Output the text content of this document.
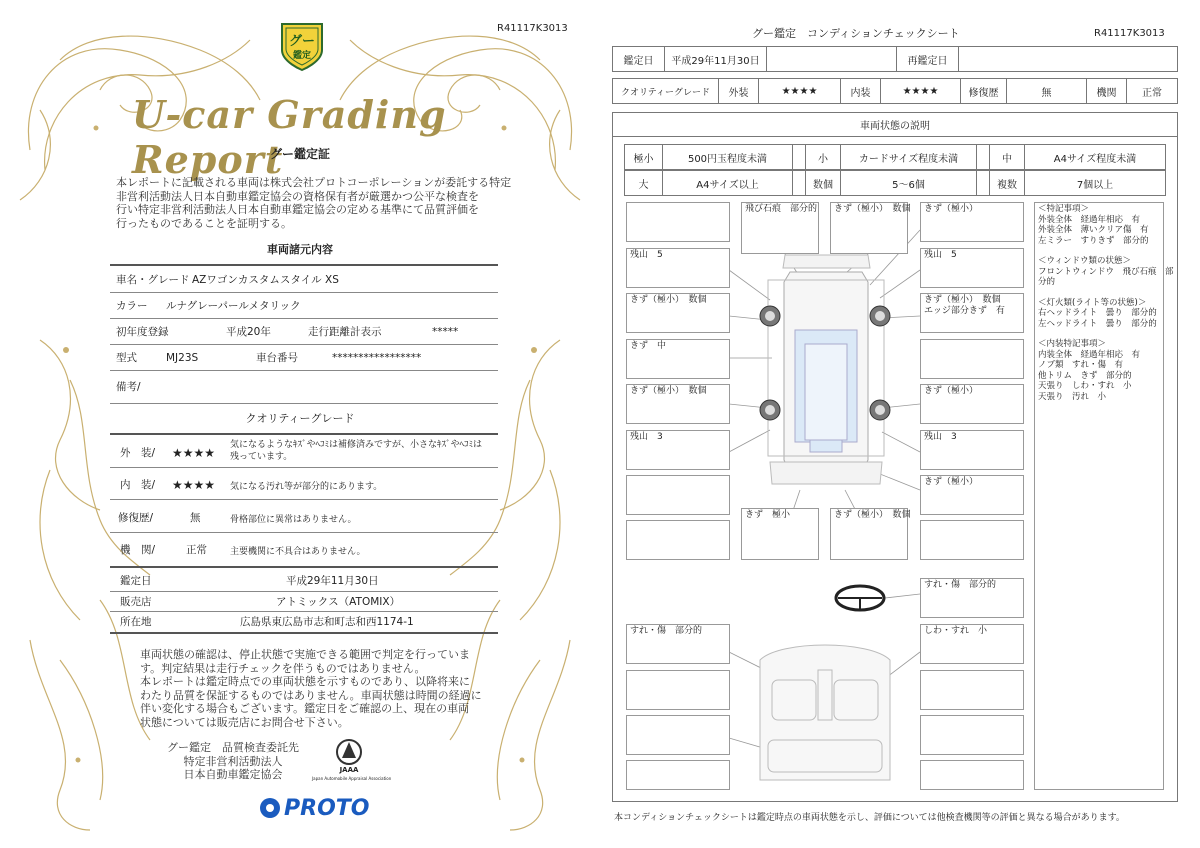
R41117K3013
グー
鑑定
U-car Grading Report
グー鑑定証
本レポートに記載される車両は株式会社プロトコーポレーションが委託する特定
非営利活動法人日本自動車鑑定協会の資格保有者が厳選かつ公平な検査を
行い特定非営利活動法人日本自動車鑑定協会の定める基準にて品質評価を
行ったものであることを証明する。
車両諸元内容
車名・グレード AZワゴンカスタムスタイル XS
カラー ルナグレーパールメタリック
初年度登録	平成20年	走行距離計表示	*****
型式	MJ23S	車台番号	*****************
備考/
クオリティーグレード
外　装/ ★★★★
気になるようなｷｽﾞやﾍｺﾐは補修済みですが、小さなｷｽﾞやﾍｺﾐは
残っています。
内　装/ ★★★★ 気になる汚れ等が部分的にあります。
修復歴/	無	骨格部位に異常はありません。
機　関/	正常	主要機関に不具合はありません。
鑑定日	平成29年11月30日
販売店	アトミックス（ATOMIX）
所在地	広島県東広島市志和町志和西1174-1
車両状態の確認は、停止状態で実施できる範囲で判定を行っていま
す。判定結果は走行チェックを伴うものではありません。
本レポートは鑑定時点での車両状態を示すものであり、以降将来に
わたり品質を保証するものではありません。車両状態は時間の経過に
伴い変化する場合もございます。鑑定日をご確認の上、現在の車両
状態については販売店にお問合せ下さい。
グー鑑定　品質検査委託先
特定非営利活動法人
日本自動車鑑定協会	JAAA
Japan Automobile Appraisal Association
PROTO
グー鑑定　コンディションチェックシート	R41117K3013
鑑定日	平成29年11月30日	再鑑定日
クオリティーグレード	外装	★★★★	内装	★★★★	修復歴	無	機関	正常
車両状態の説明
極小	500円玉程度未満	小	カードサイズ程度未満	中	A4サイズ程度未満
大	A4サイズ以上	数個	5～6個	複数	7個以上
残山　5
きず（極小）　数個
きず　中
きず（極小）　数個
残山　3
飛び石痕　部分的	きず（極小）　数個	きず（極小）
残山　5
きず（極小）　数個
エッジ部分きず　有
きず（極小）
残山　3
きず（極小）
きず　極小	きず（極小）　数個
すれ・傷　部分的
すれ・傷　部分的	しわ・すれ　小
＜特記事項＞
外装全体　経過年相応　有
外装全体　薄いクリア傷　有
左ミラー　すりきず　部分的
＜ウィンドウ類の状態＞
フロントウィンドウ　飛び石痕　部
分的
＜灯火類(ライト等の状態)＞
右ヘッドライト　曇り　部分的
左ヘッドライト　曇り　部分的
＜内装特記事項＞
内装全体　経過年相応　有
ノブ類　すれ・傷　有
他トリム　きず　部分的
天張り　しわ・すれ　小
天張り　汚れ　小
本コンディションチェックシートは鑑定時点の車両状態を示し、評価については他検査機関等の評価と異なる場合があります。
